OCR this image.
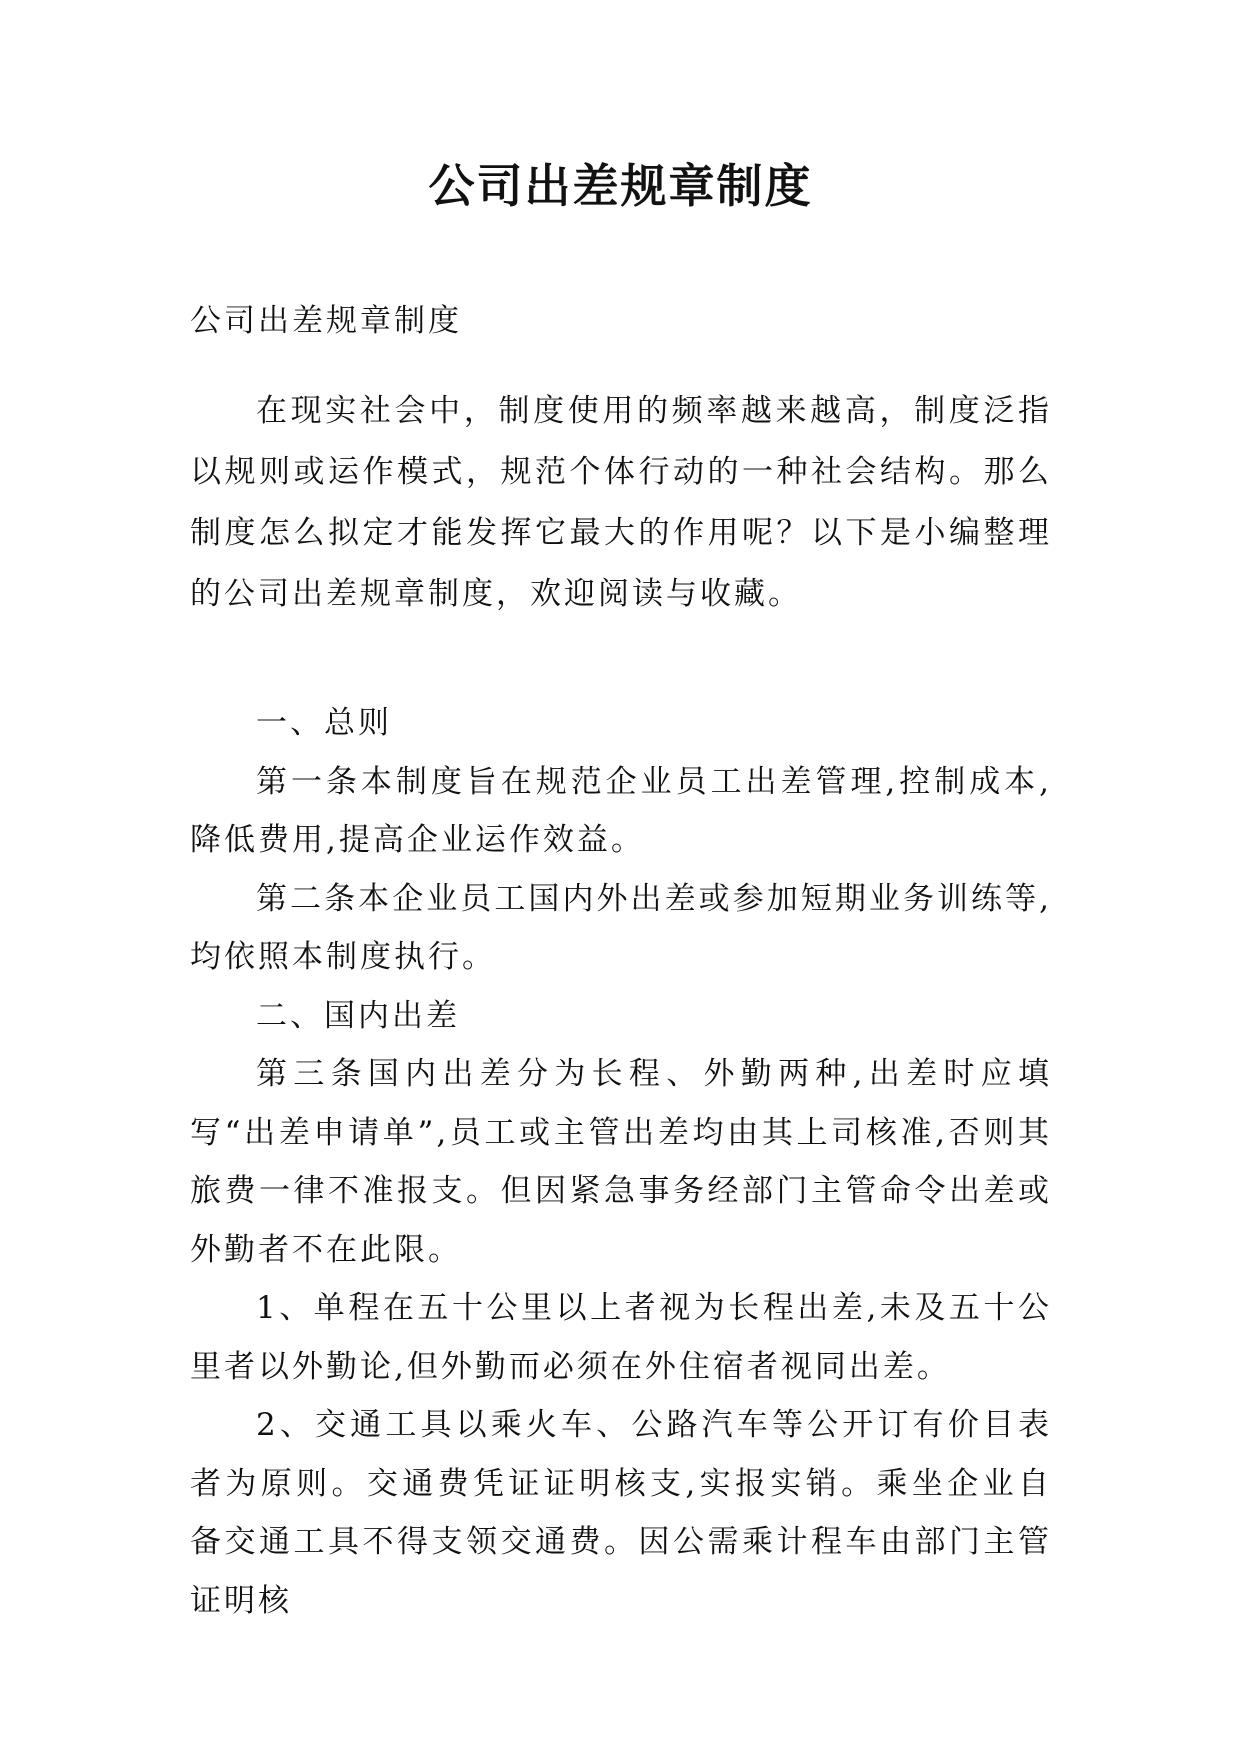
公司出差规章制度
公司出差规章制度

在现实社会中，制度使用的频率越来越高，制度泛指以规则或运作模式，规范个体行动的一种社会结构。那么制度怎么拟定才能发挥它最大的作用呢？以下是小编整理的公司出差规章制度，欢迎阅读与收藏。

一、总则

第一条本制度旨在规范企业员工出差管理,控制成本,降低费用,提高企业运作效益。

第二条本企业员工国内外出差或参加短期业务训练等,均依照本制度执行。

二、国内出差

第三条国内出差分为长程、外勤两种,出差时应填写“出差申请单”,员工或主管出差均由其上司核准,否则其旅费一律不准报支。但因紧急事务经部门主管命令出差或外勤者不在此限。

1、单程在五十公里以上者视为长程出差,未及五十公里者以外勤论,但外勤而必须在外住宿者视同出差。

2、交通工具以乘火车、公路汽车等公开订有价目表者为原则。交通费凭证证明核支,实报实销。乘坐企业自备交通工具不得支领交通费。因公需乘计程车由部门主管证明核
